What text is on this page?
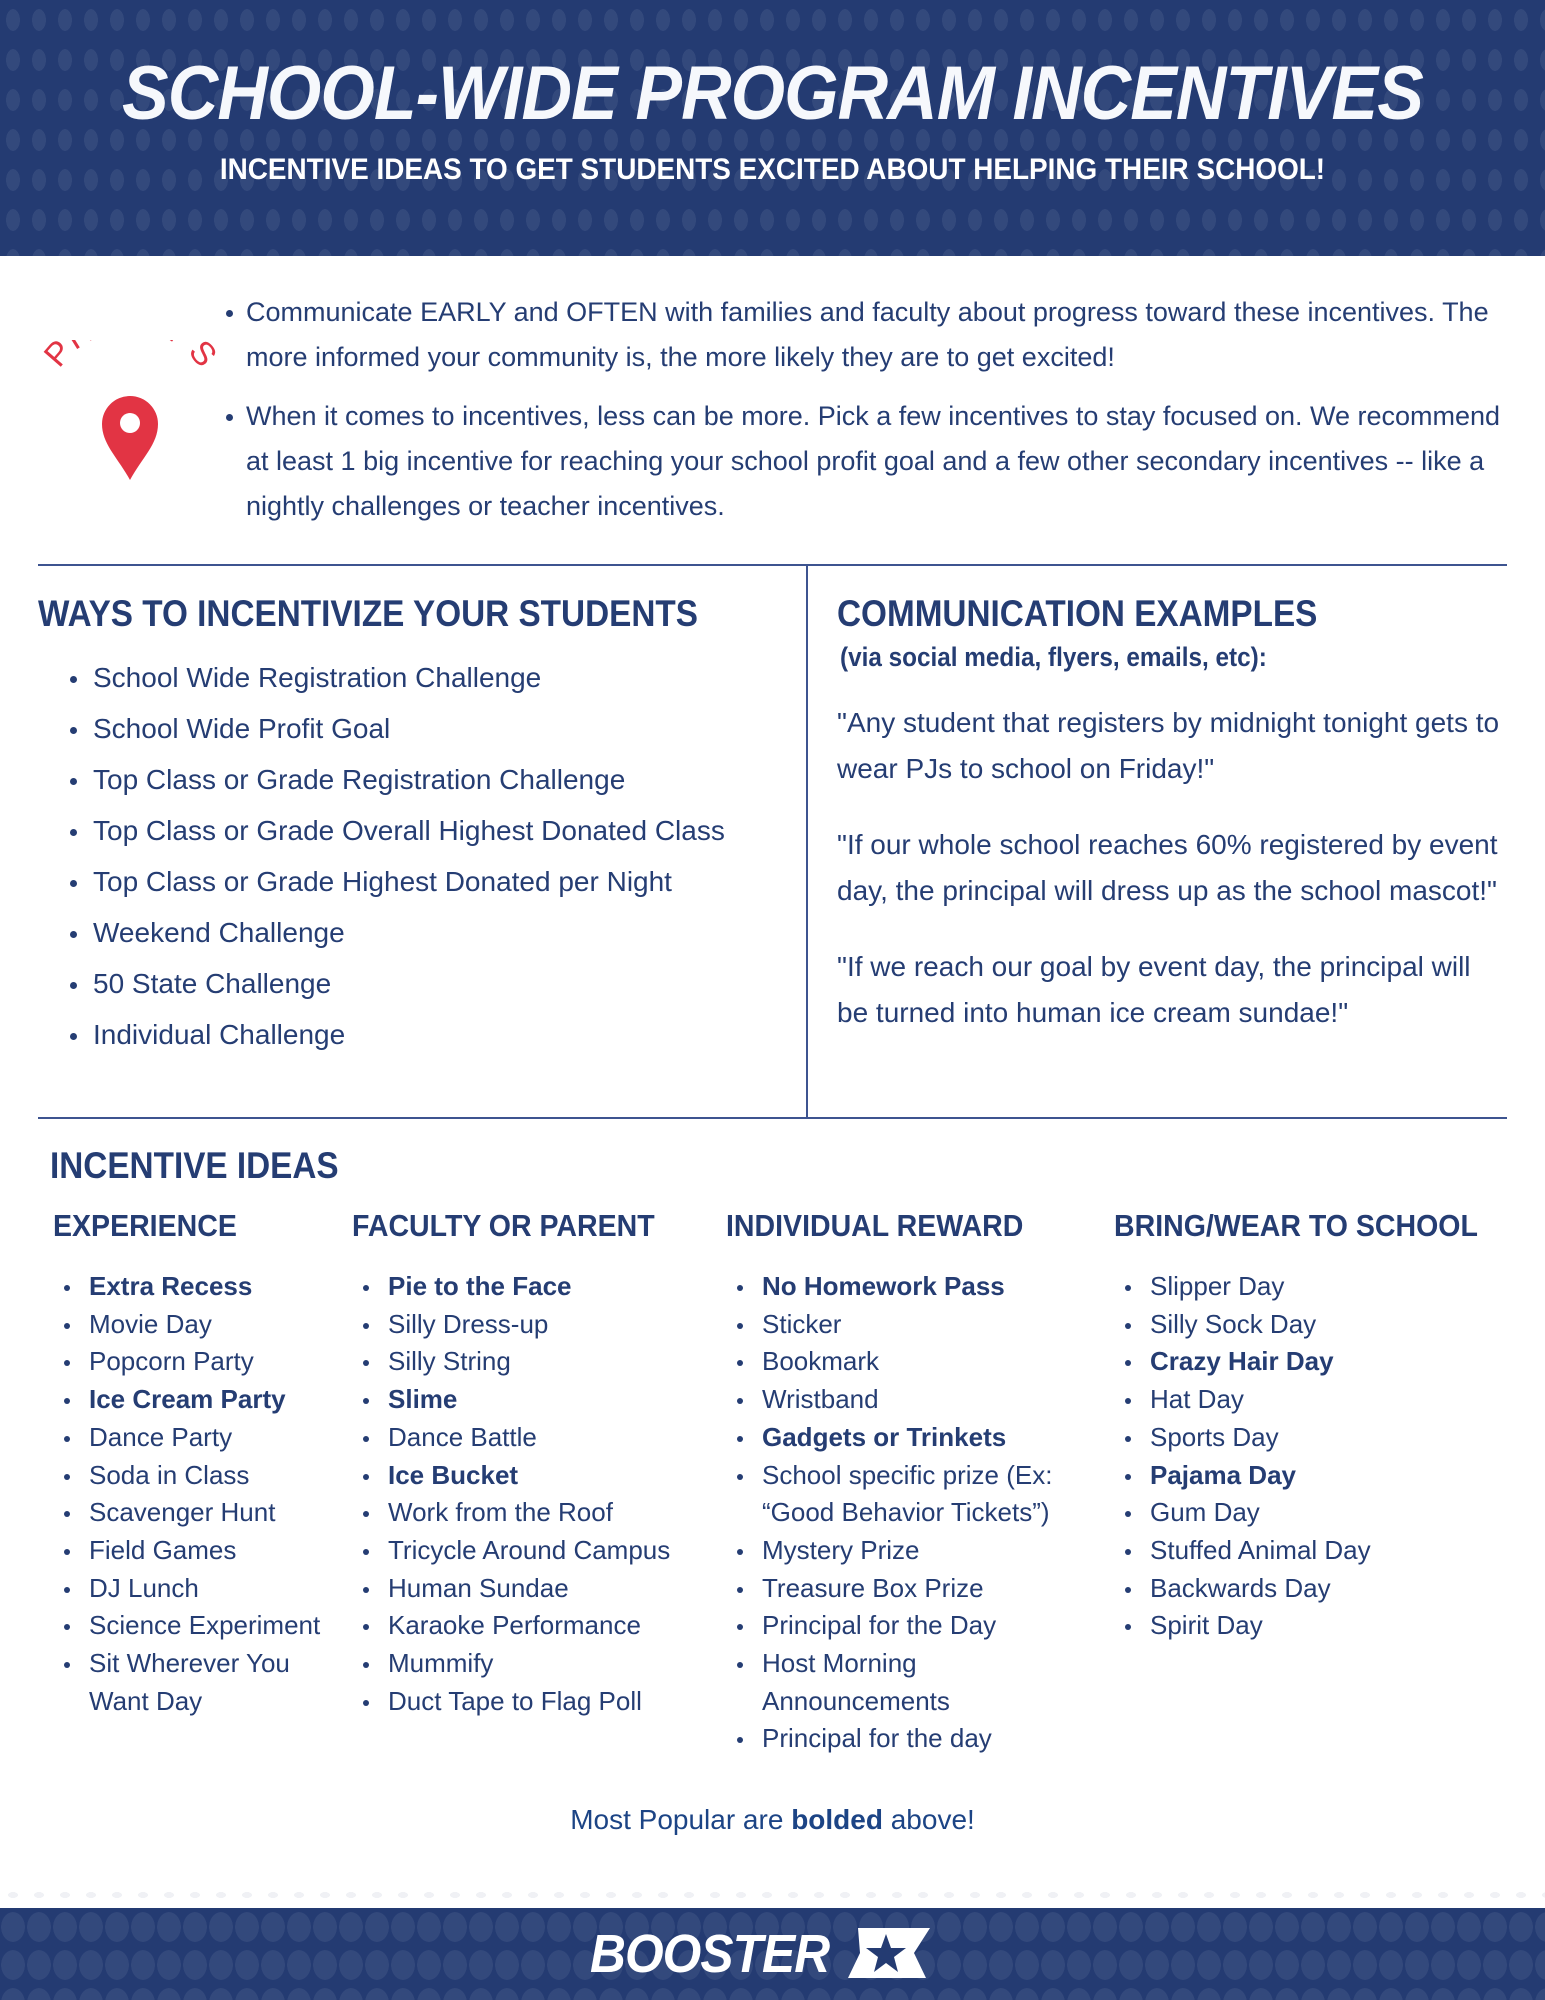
SCHOOL-WIDE PROGRAM INCENTIVES
INCENTIVE IDEAS TO GET STUDENTS EXCITED ABOUT HELPING THEIR SCHOOL!
P S
Communicate EARLY and OFTEN with families and faculty about progress toward these incentives. The more informed your community is, the more likely they are to get excited!
When it comes to incentives, less can be more. Pick a few incentives to stay focused on. We recommend at least 1 big incentive for reaching your school profit goal and a few other secondary incentives -- like a nightly challenges or teacher incentives.
WAYS TO INCENTIVIZE YOUR STUDENTS
School Wide Registration Challenge
School Wide Profit Goal
Top Class or Grade Registration Challenge
Top Class or Grade Overall Highest Donated Class
Top Class or Grade Highest Donated per Night
Weekend Challenge
50 State Challenge
Individual Challenge
COMMUNICATION EXAMPLES
(via social media, flyers, emails, etc):

"Any student that registers by midnight tonight gets to wear PJs to school on Friday!"

"If our whole school reaches 60% registered by event day, the principal will dress up as the school mascot!"

"If we reach our goal by event day, the principal will be turned into human ice cream sundae!"

INCENTIVE IDEAS
EXPERIENCE
Extra Recess
Movie Day
Popcorn Party
Ice Cream Party
Dance Party
Soda in Class
Scavenger Hunt
Field Games
DJ Lunch
Science Experiment
Sit Wherever You Want Day
FACULTY OR PARENT
Pie to the Face
Silly Dress-up
Silly String
Slime
Dance Battle
Ice Bucket
Work from the Roof
Tricycle Around Campus
Human Sundae
Karaoke Performance
Mummify
Duct Tape to Flag Poll
INDIVIDUAL REWARD
No Homework Pass
Sticker
Bookmark
Wristband
Gadgets or Trinkets
School specific prize (Ex: “Good Behavior Tickets”)
Mystery Prize
Treasure Box Prize
Principal for the Day
Host Morning Announcements
Principal for the day
BRING/WEAR TO SCHOOL
Slipper Day
Silly Sock Day
Crazy Hair Day
Hat Day
Sports Day
Pajama Day
Gum Day
Stuffed Animal Day
Backwards Day
Spirit Day
Most Popular are bolded above!
BOOSTER
